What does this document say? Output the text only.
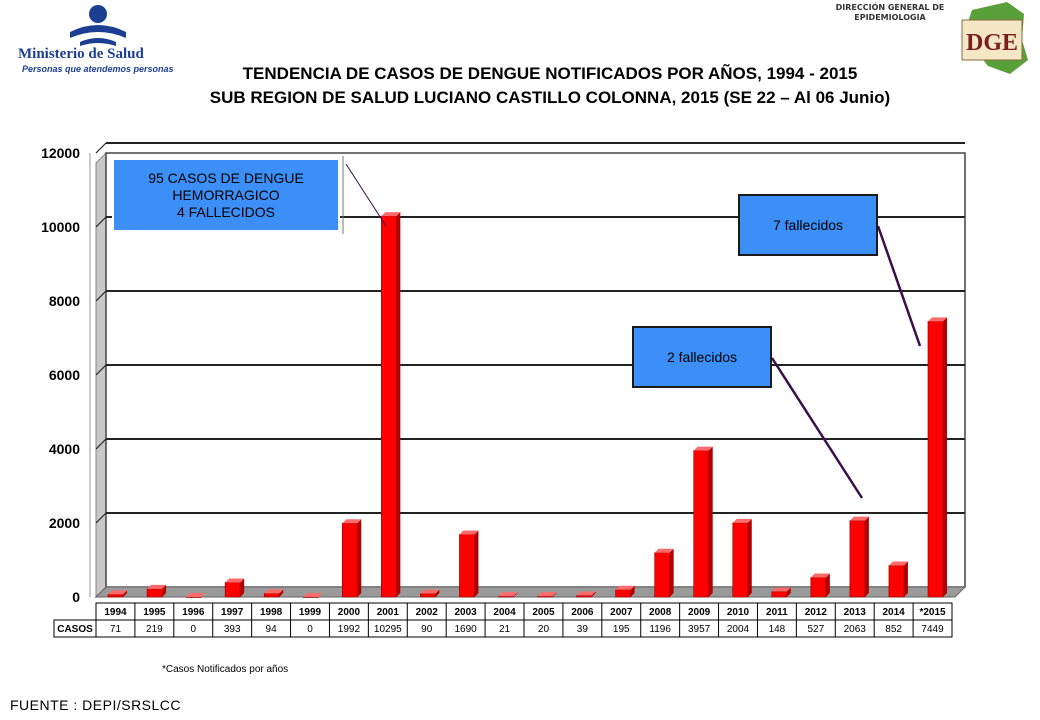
Ministerio de Salud
Personas que atendemos personas
DIRECCIÓN GENERAL DE
EPIDEMIOLOGIA
DGE
TENDENCIA DE CASOS DE DENGUE NOTIFICADOS POR AÑOS, 1994 - 2015
SUB REGION DE SALUD LUCIANO CASTILLO COLONNA, 2015 (SE 22 – Al 06 Junio)
0
2000
4000
6000
8000
10000
12000
CASOS
1994
71
1995
219
1996
0
1997
393
1998
94
1999
0
2000
1992
2001
10295
2002
90
2003
1690
2004
21
2005
20
2006
39
2007
195
2008
1196
2009
3957
2010
2004
2011
148
2012
527
2013
2063
2014
852
*2015
7449
95 CASOS DE DENGUE
HEMORRAGICO
4 FALLECIDOS
7 fallecidos
2 fallecidos
*Casos Notificados por años
FUENTE : DEPI/SRSLCC
